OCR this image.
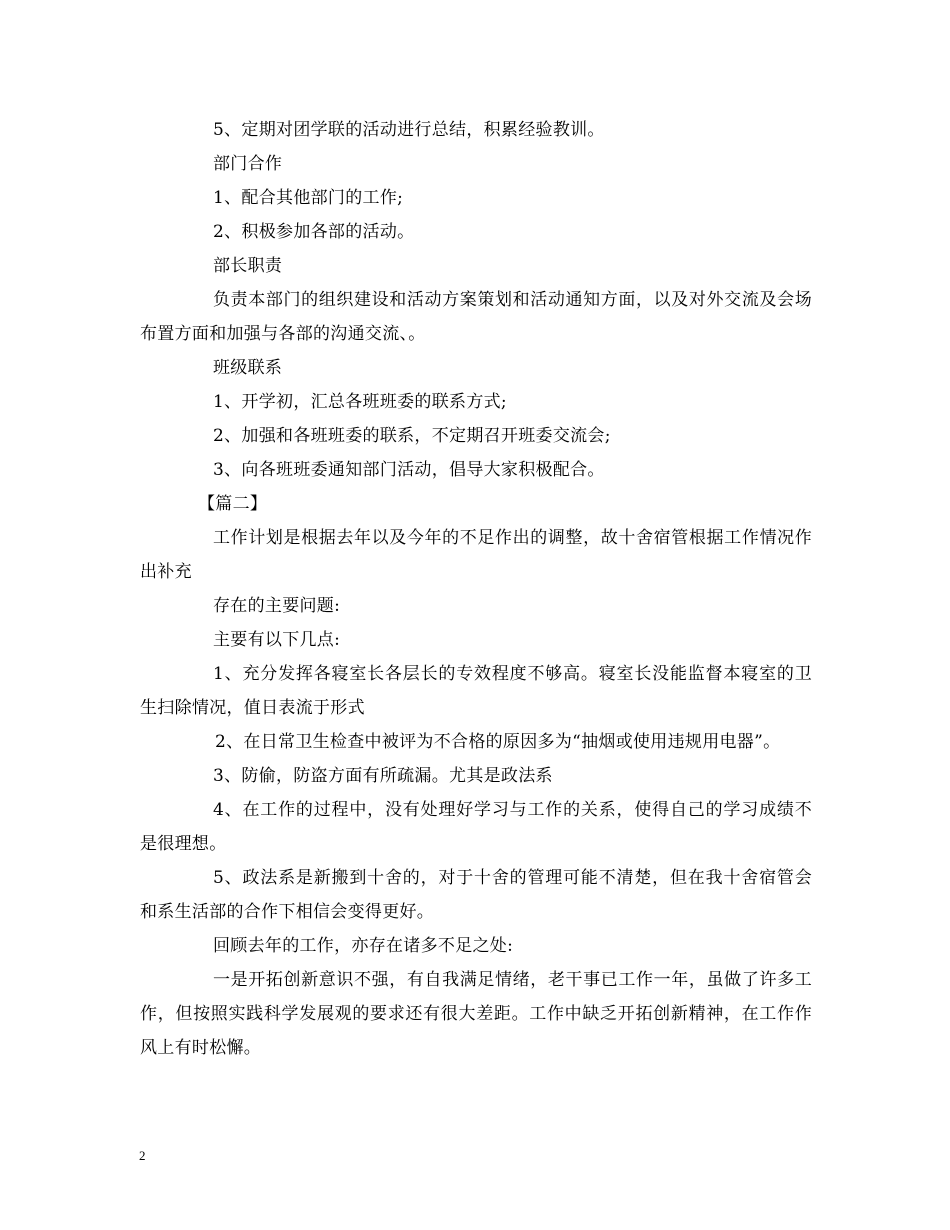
5、定期对团学联的活动进行总结，积累经验教训。

部门合作

1、配合其他部门的工作;

2、积极参加各部的活动。

部长职责

负责本部门的组织建设和活动方案策划和活动通知方面，以及对外交流及会场布置方面和加强与各部的沟通交流、。

班级联系

1、开学初，汇总各班班委的联系方式;

2、加强和各班班委的联系，不定期召开班委交流会;

3、向各班班委通知部门活动，倡导大家积极配合。

【篇二】

工作计划是根据去年以及今年的不足作出的调整，故十舍宿管根据工作情况作出补充

存在的主要问题:

主要有以下几点:

1、充分发挥各寝室长各层长的专效程度不够高。寝室长没能监督本寝室的卫生扫除情况，值日表流于形式

2、在日常卫生检查中被评为不合格的原因多为“抽烟或使用违规用电器”。

3、防偷，防盗方面有所疏漏。尤其是政法系

4、在工作的过程中，没有处理好学习与工作的关系，使得自己的学习成绩不是很理想。

5、政法系是新搬到十舍的，对于十舍的管理可能不清楚，但在我十舍宿管会和系生活部的合作下相信会变得更好。

回顾去年的工作，亦存在诸多不足之处:

一是开拓创新意识不强，有自我满足情绪，老干事已工作一年，虽做了许多工作，但按照实践科学发展观的要求还有很大差距。工作中缺乏开拓创新精神，在工作作风上有时松懈。

2
